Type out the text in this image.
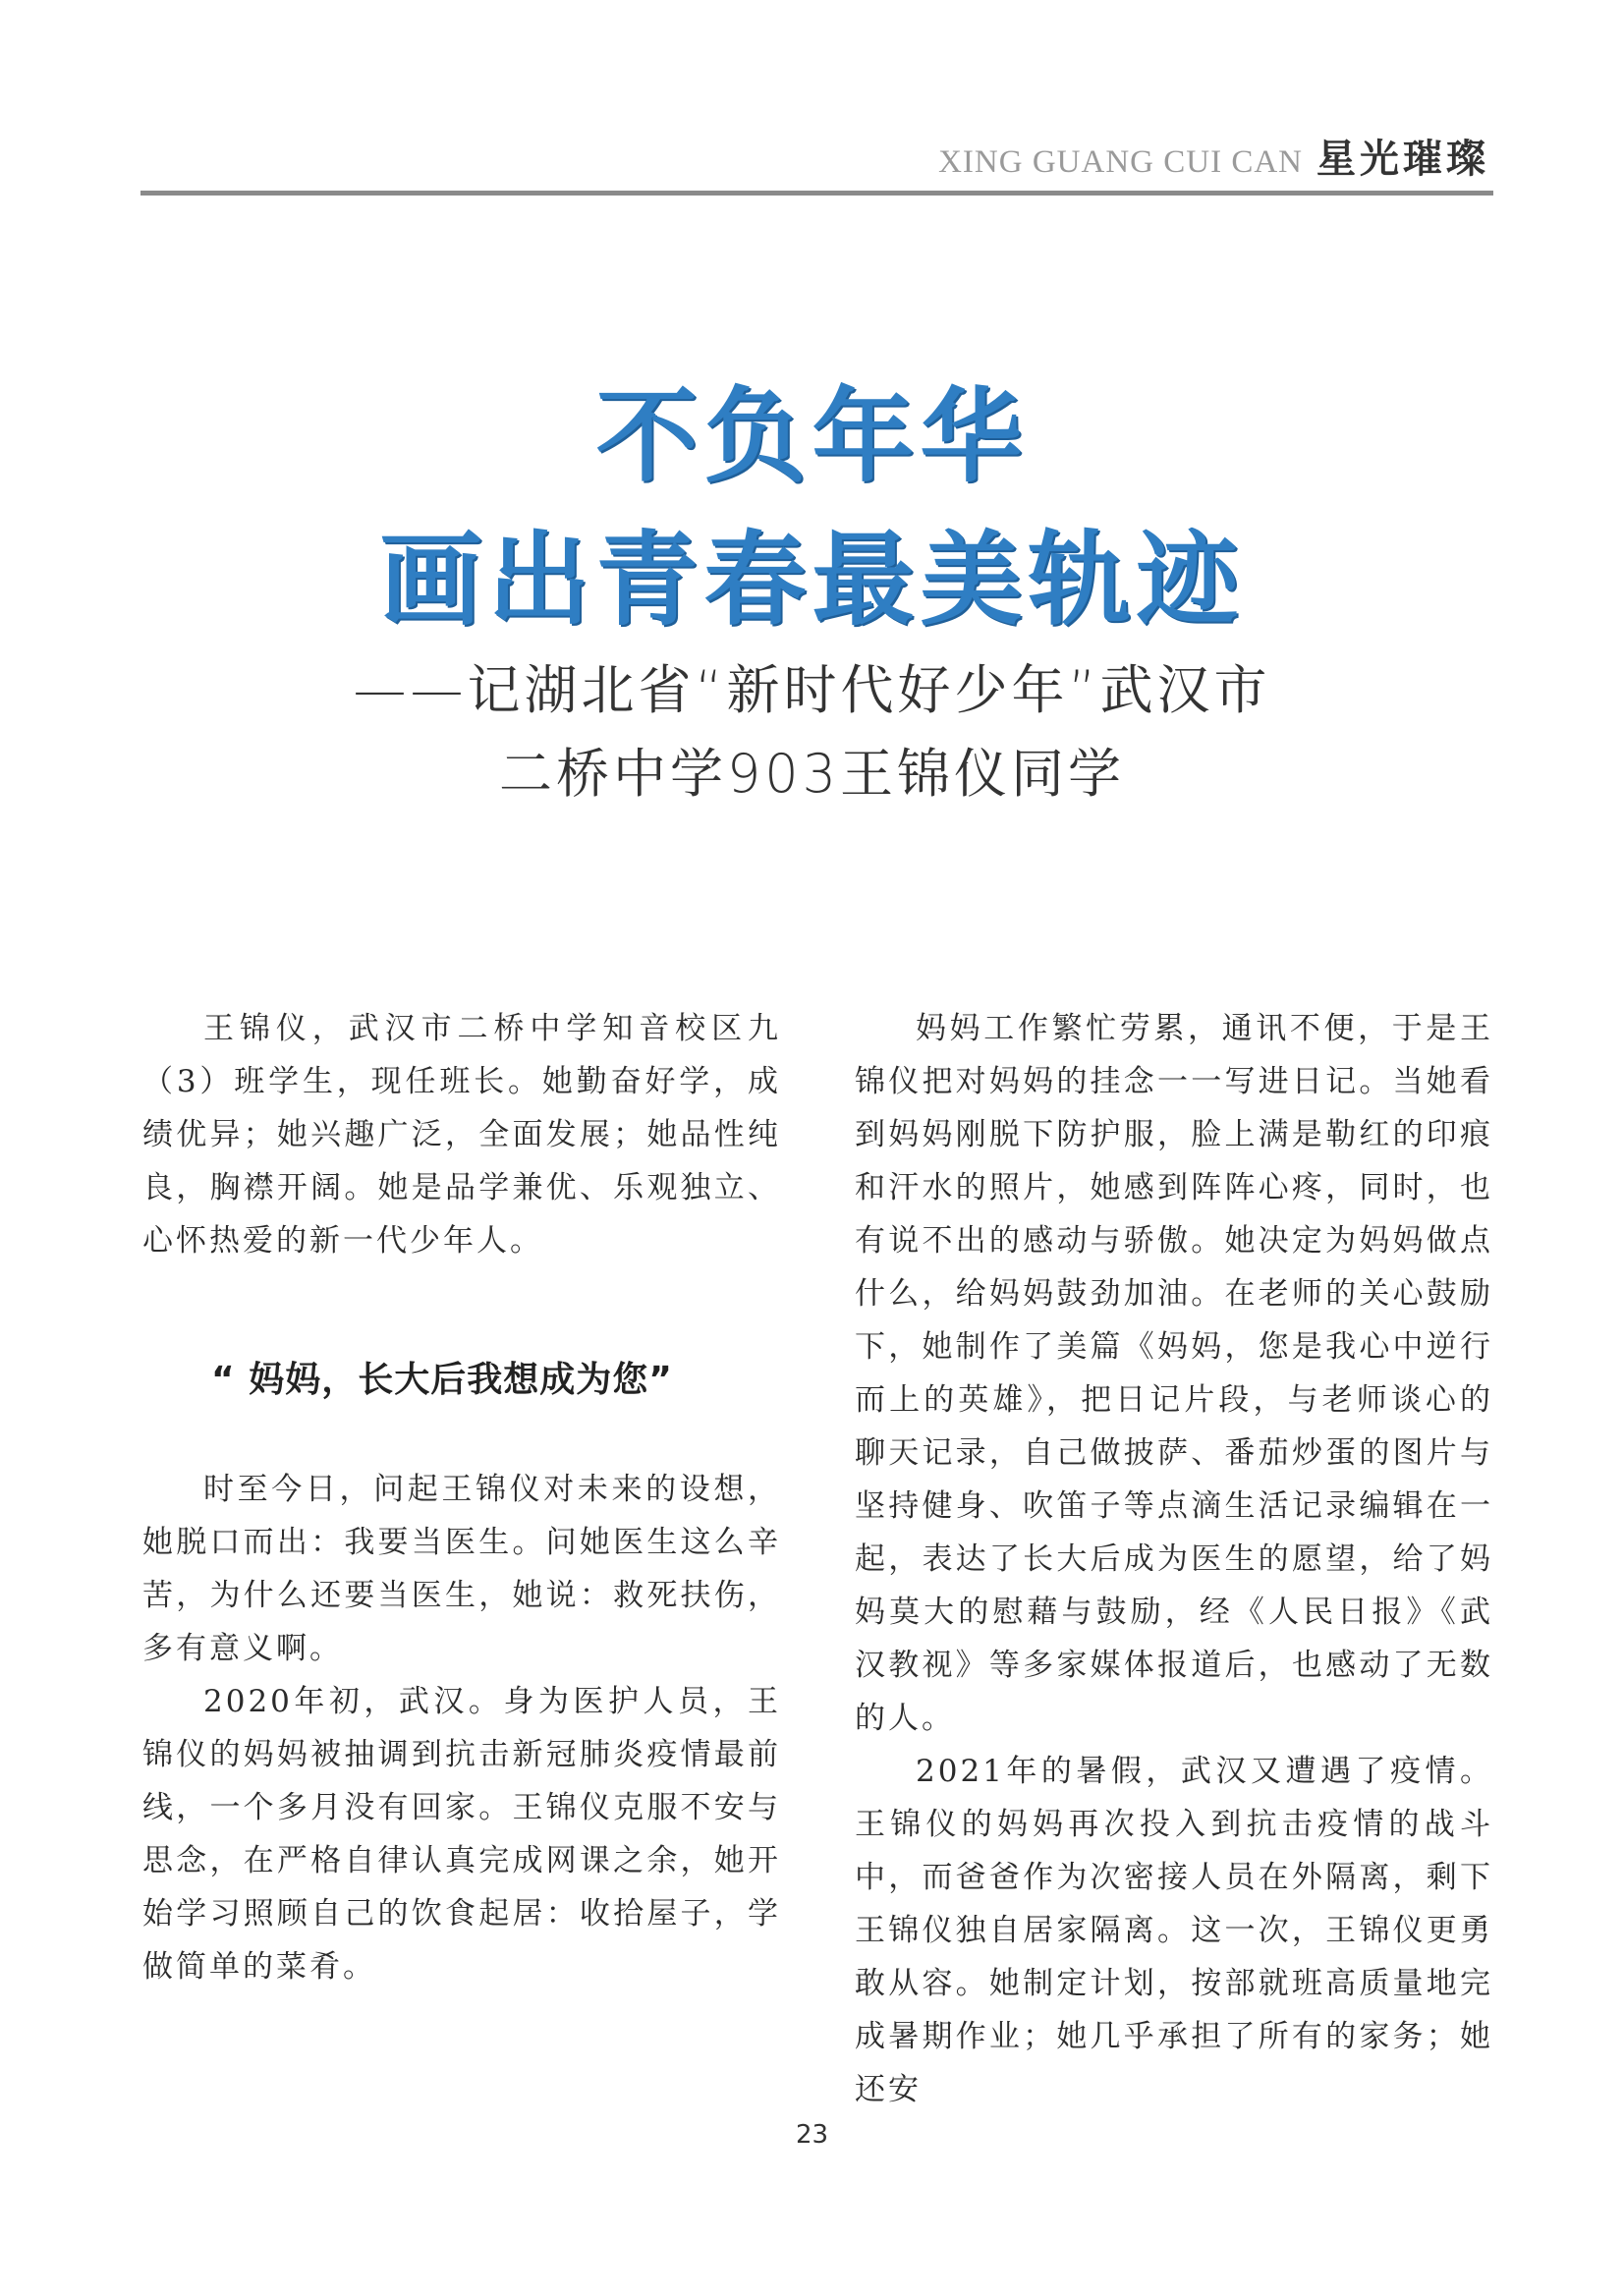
XING GUANG CUI CAN 星光璀璨
不负年华
画出青春最美轨迹
——记湖北省“新时代好少年”武汉市
二桥中学903王锦仪同学

王锦仪，武汉市二桥中学知音校区九（3）班学生，现任班长。她勤奋好学，成绩优异；她兴趣广泛，全面发展；她品性纯良，胸襟开阔。她是品学兼优、乐观独立、心怀热爱的新一代少年人。

“ 妈妈，长大后我想成为您”

时至今日，问起王锦仪对未来的设想，她脱口而出：我要当医生。问她医生这么辛苦，为什么还要当医生，她说：救死扶伤，多有意义啊。

2020年初，武汉。身为医护人员，王锦仪的妈妈被抽调到抗击新冠肺炎疫情最前线，一个多月没有回家。王锦仪克服不安与思念，在严格自律认真完成网课之余，她开始学习照顾自己的饮食起居：收拾屋子，学做简单的菜肴。

妈妈工作繁忙劳累，通讯不便，于是王锦仪把对妈妈的挂念一一写进日记。当她看到妈妈刚脱下防护服，脸上满是勒红的印痕和汗水的照片，她感到阵阵心疼，同时，也有说不出的感动与骄傲。她决定为妈妈做点什么，给妈妈鼓劲加油。在老师的关心鼓励下，她制作了美篇《妈妈，您是我心中逆行而上的英雄》，把日记片段，与老师谈心的聊天记录，自己做披萨、番茄炒蛋的图片与坚持健身、吹笛子等点滴生活记录编辑在一起，表达了长大后成为医生的愿望，给了妈妈莫大的慰藉与鼓励，经《人民日报》《武汉教视》等多家媒体报道后，也感动了无数的人。

2021年的暑假，武汉又遭遇了疫情。王锦仪的妈妈再次投入到抗击疫情的战斗中，而爸爸作为次密接人员在外隔离，剩下王锦仪独自居家隔离。这一次，王锦仪更勇敢从容。她制定计划，按部就班高质量地完成暑期作业；她几乎承担了所有的家务；她还安

23
